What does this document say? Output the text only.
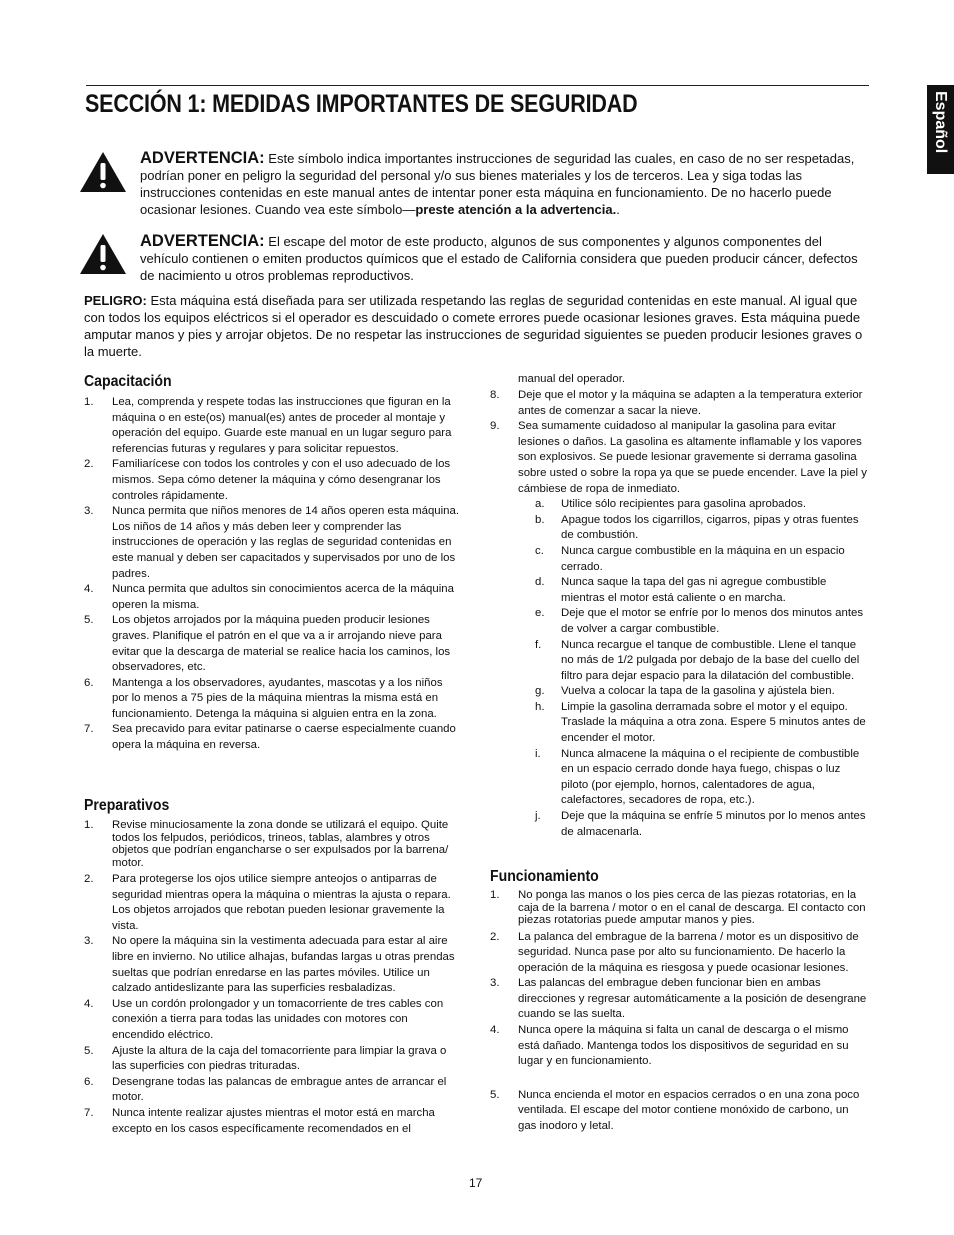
SECCIÓN 1: MEDIDAS IMPORTANTES DE SEGURIDAD	Español
ADVERTENCIA: Este símbolo indica importantes instrucciones de seguridad las cuales, en caso de no ser respetadas, podrían poner en peligro la seguridad del personal y/o sus bienes materiales y los de terceros. Lea y siga todas las instrucciones contenidas en este manual antes de intentar poner esta máquina en funcionamiento. De no hacerlo puede ocasionar lesiones. Cuando vea este símbolo—preste atención a la advertencia..
ADVERTENCIA: El escape del motor de este producto, algunos de sus componentes y algunos componentes del vehículo contienen o emiten productos químicos que el estado de California considera que pueden producir cáncer, defectos de nacimiento u otros problemas reproductivos.
PELIGRO: Esta máquina está diseñada para ser utilizada respetando las reglas de seguridad contenidas en este manual. Al igual que con todos los equipos eléctricos si el operador es descuidado o comete errores puede ocasionar lesiones graves. Esta máquina puede amputar manos y pies y arrojar objetos. De no respetar las instrucciones de seguridad siguientes se pueden producir lesiones graves o la muerte.
Capacitación
1. Lea, comprenda y respete todas las instrucciones que figuran en la máquina o en este(os) manual(es) antes de proceder al montaje y operación del equipo. Guarde este manual en un lugar seguro para referencias futuras y regulares y para solicitar repuestos.
2. Familiarícese con todos los controles y con el uso adecuado de los mismos. Sepa cómo detener la máquina y cómo desengranar los controles rápidamente.
3. Nunca permita que niños menores de 14 años operen esta máquina. Los niños de 14 años y más deben leer y comprender las instrucciones de operación y las reglas de seguridad contenidas en este manual y deben ser capacitados y supervisados por uno de los padres.
4. Nunca permita que adultos sin conocimientos acerca de la máquina operen la misma.
5. Los objetos arrojados por la máquina pueden producir lesiones graves. Planifique el patrón en el que va a ir arrojando nieve para evitar que la descarga de material se realice hacia los caminos, los observadores, etc.
6. Mantenga a los observadores, ayudantes, mascotas y a los niños por lo menos a 75 pies de la máquina mientras la misma está en funcionamiento. Detenga la máquina si alguien entra en la zona.
7. Sea precavido para evitar patinarse o caerse especialmente cuando opera la máquina en reversa.
Preparativos
1. Revise minuciosamente la zona donde se utilizará el equipo. Quite todos los felpudos, periódicos, trineos, tablas, alambres y otros objetos que podrían engancharse o ser expulsados por la barrena/ motor.
2. Para protegerse los ojos utilice siempre anteojos o antiparras de seguridad mientras opera la máquina o mientras la ajusta o repara. Los objetos arrojados que rebotan pueden lesionar gravemente la vista.
3. No opere la máquina sin la vestimenta adecuada para estar al aire libre en invierno. No utilice alhajas, bufandas largas u otras prendas sueltas que podrían enredarse en las partes móviles. Utilice un calzado antideslizante para las superficies resbaladizas.
4. Use un cordón prolongador y un tomacorriente de tres cables con conexión a tierra para todas las unidades con motores con encendido eléctrico.
5. Ajuste la altura de la caja del tomacorriente para limpiar la grava o las superficies con piedras trituradas.
6. Desengrane todas las palancas de embrague antes de arrancar el motor.
7. Nunca intente realizar ajustes mientras el motor está en marcha excepto en los casos específicamente recomendados en el
manual del operador.
8. Deje que el motor y la máquina se adapten a la temperatura exterior antes de comenzar a sacar la nieve.
9. Sea sumamente cuidadoso al manipular la gasolina para evitar lesiones o daños. La gasolina es altamente inflamable y los vapores son explosivos. Se puede lesionar gravemente si derrama gasolina sobre usted o sobre la ropa ya que se puede encender. Lave la piel y cámbiese de ropa de inmediato.
a. Utilice sólo recipientes para gasolina aprobados.
b. Apague todos los cigarrillos, cigarros, pipas y otras fuentes de combustión.
c. Nunca cargue combustible en la máquina en un espacio cerrado.
d. Nunca saque la tapa del gas ni agregue combustible mientras el motor está caliente o en marcha.
e. Deje que el motor se enfríe por lo menos dos minutos antes de volver a cargar combustible.
f. Nunca recargue el tanque de combustible. Llene el tanque no más de 1/2 pulgada por debajo de la base del cuello del filtro para dejar espacio para la dilatación del combustible.
g. Vuelva a colocar la tapa de la gasolina y ajústela bien.
h. Limpie la gasolina derramada sobre el motor y el equipo. Traslade la máquina a otra zona. Espere 5 minutos antes de encender el motor.
i. Nunca almacene la máquina o el recipiente de combustible en un espacio cerrado donde haya fuego, chispas o luz piloto (por ejemplo, hornos, calentadores de agua, calefactores, secadores de ropa, etc.).
j. Deje que la máquina se enfríe 5 minutos por lo menos antes de almacenarla.
Funcionamiento
1. No ponga las manos o los pies cerca de las piezas rotatorias, en la caja de la barrena / motor o en el canal de descarga. El contacto con piezas rotatorias puede amputar manos y pies.
2. La palanca del embrague de la barrena / motor es un dispositivo de seguridad. Nunca pase por alto su funcionamiento. De hacerlo la operación de la máquina es riesgosa y puede ocasionar lesiones.
3. Las palancas del embrague deben funcionar bien en ambas direcciones y regresar automáticamente a la posición de desengrane cuando se las suelta.
4. Nunca opere la máquina si falta un canal de descarga o el mismo está dañado. Mantenga todos los dispositivos de seguridad en su lugar y en funcionamiento.
5. Nunca encienda el motor en espacios cerrados o en una zona poco ventilada. El escape del motor contiene monóxido de carbono, un gas inodoro y letal.
17
